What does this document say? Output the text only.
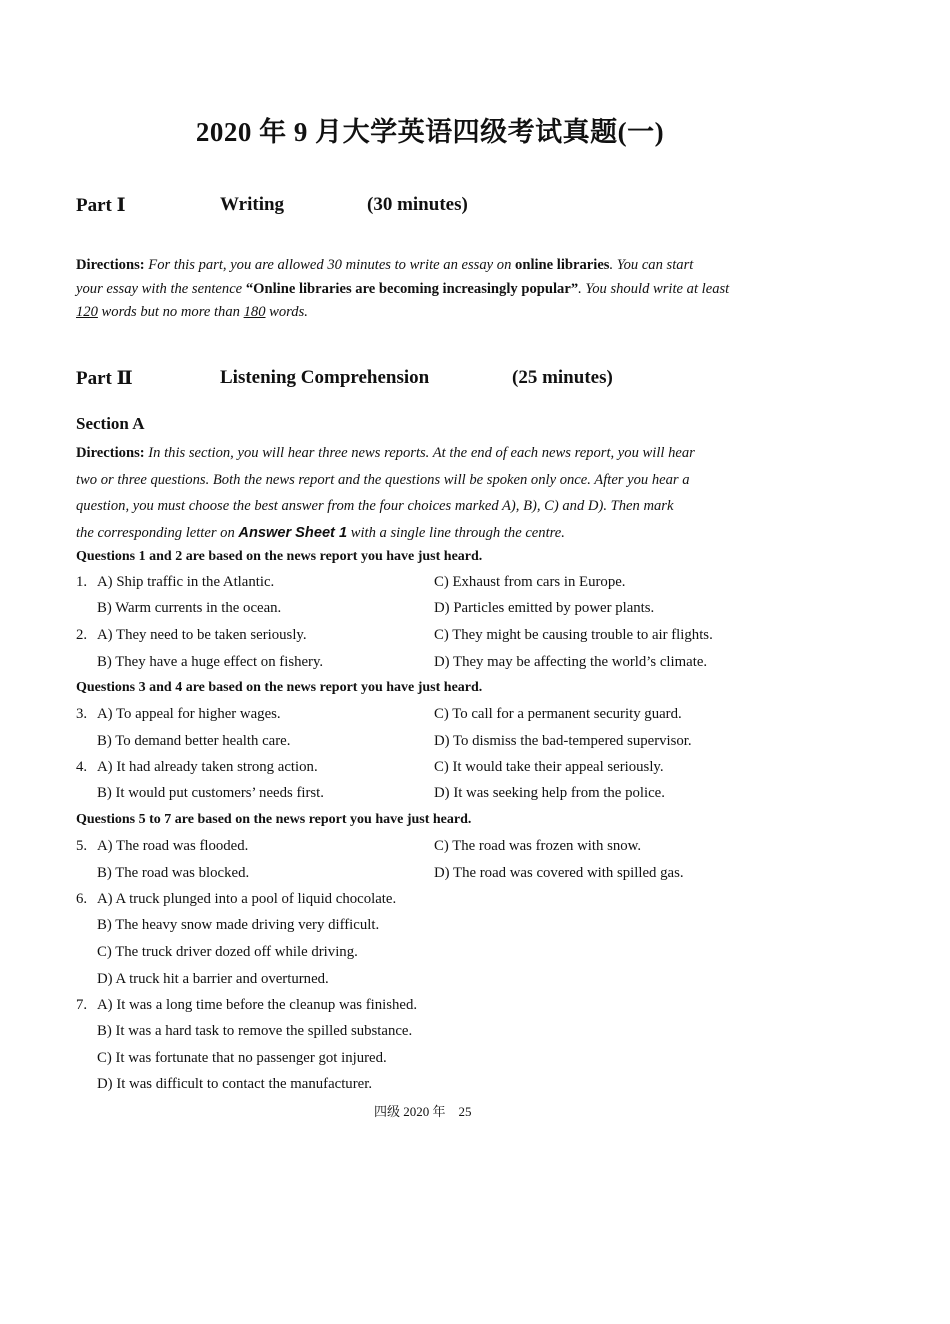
2020 年 9 月大学英语四级考试真题(一)
Part Ⅰ	Writing	(30 minutes)
Directions: For this part, you are allowed 30 minutes to write an essay on online libraries. You can start
your essay with the sentence “Online libraries are becoming increasingly popular”. You should write at least
120 words but no more than 180 words.
Part Ⅱ	Listening Comprehension	(25 minutes)
Section A
Directions: In this section, you will hear three news reports. At the end of each news report, you will hear
two or three questions. Both the news report and the questions will be spoken only once. After you hear a
question, you must choose the best answer from the four choices marked A), B), C) and D). Then mark
the corresponding letter on Answer Sheet 1 with a single line through the centre.
Questions 1 and 2 are based on the news report you have just heard.
1. A) Ship traffic in the Atlantic.	C) Exhaust from cars in Europe.
B) Warm currents in the ocean.	D) Particles emitted by power plants.
2. A) They need to be taken seriously.	C) They might be causing trouble to air flights.
B) They have a huge effect on fishery.	D) They may be affecting the world’s climate.
Questions 3 and 4 are based on the news report you have just heard.
3. A) To appeal for higher wages.	C) To call for a permanent security guard.
B) To demand better health care.	D) To dismiss the bad-tempered supervisor.
4. A) It had already taken strong action.	C) It would take their appeal seriously.
B) It would put customers’ needs first.	D) It was seeking help from the police.
Questions 5 to 7 are based on the news report you have just heard.
5. A) The road was flooded.	C) The road was frozen with snow.
B) The road was blocked.	D) The road was covered with spilled gas.
6. A) A truck plunged into a pool of liquid chocolate.
B) The heavy snow made driving very difficult.
C) The truck driver dozed off while driving.
D) A truck hit a barrier and overturned.
7. A) It was a long time before the cleanup was finished.
B) It was a hard task to remove the spilled substance.
C) It was fortunate that no passenger got injured.
D) It was difficult to contact the manufacturer.
四级 2020 年　25
